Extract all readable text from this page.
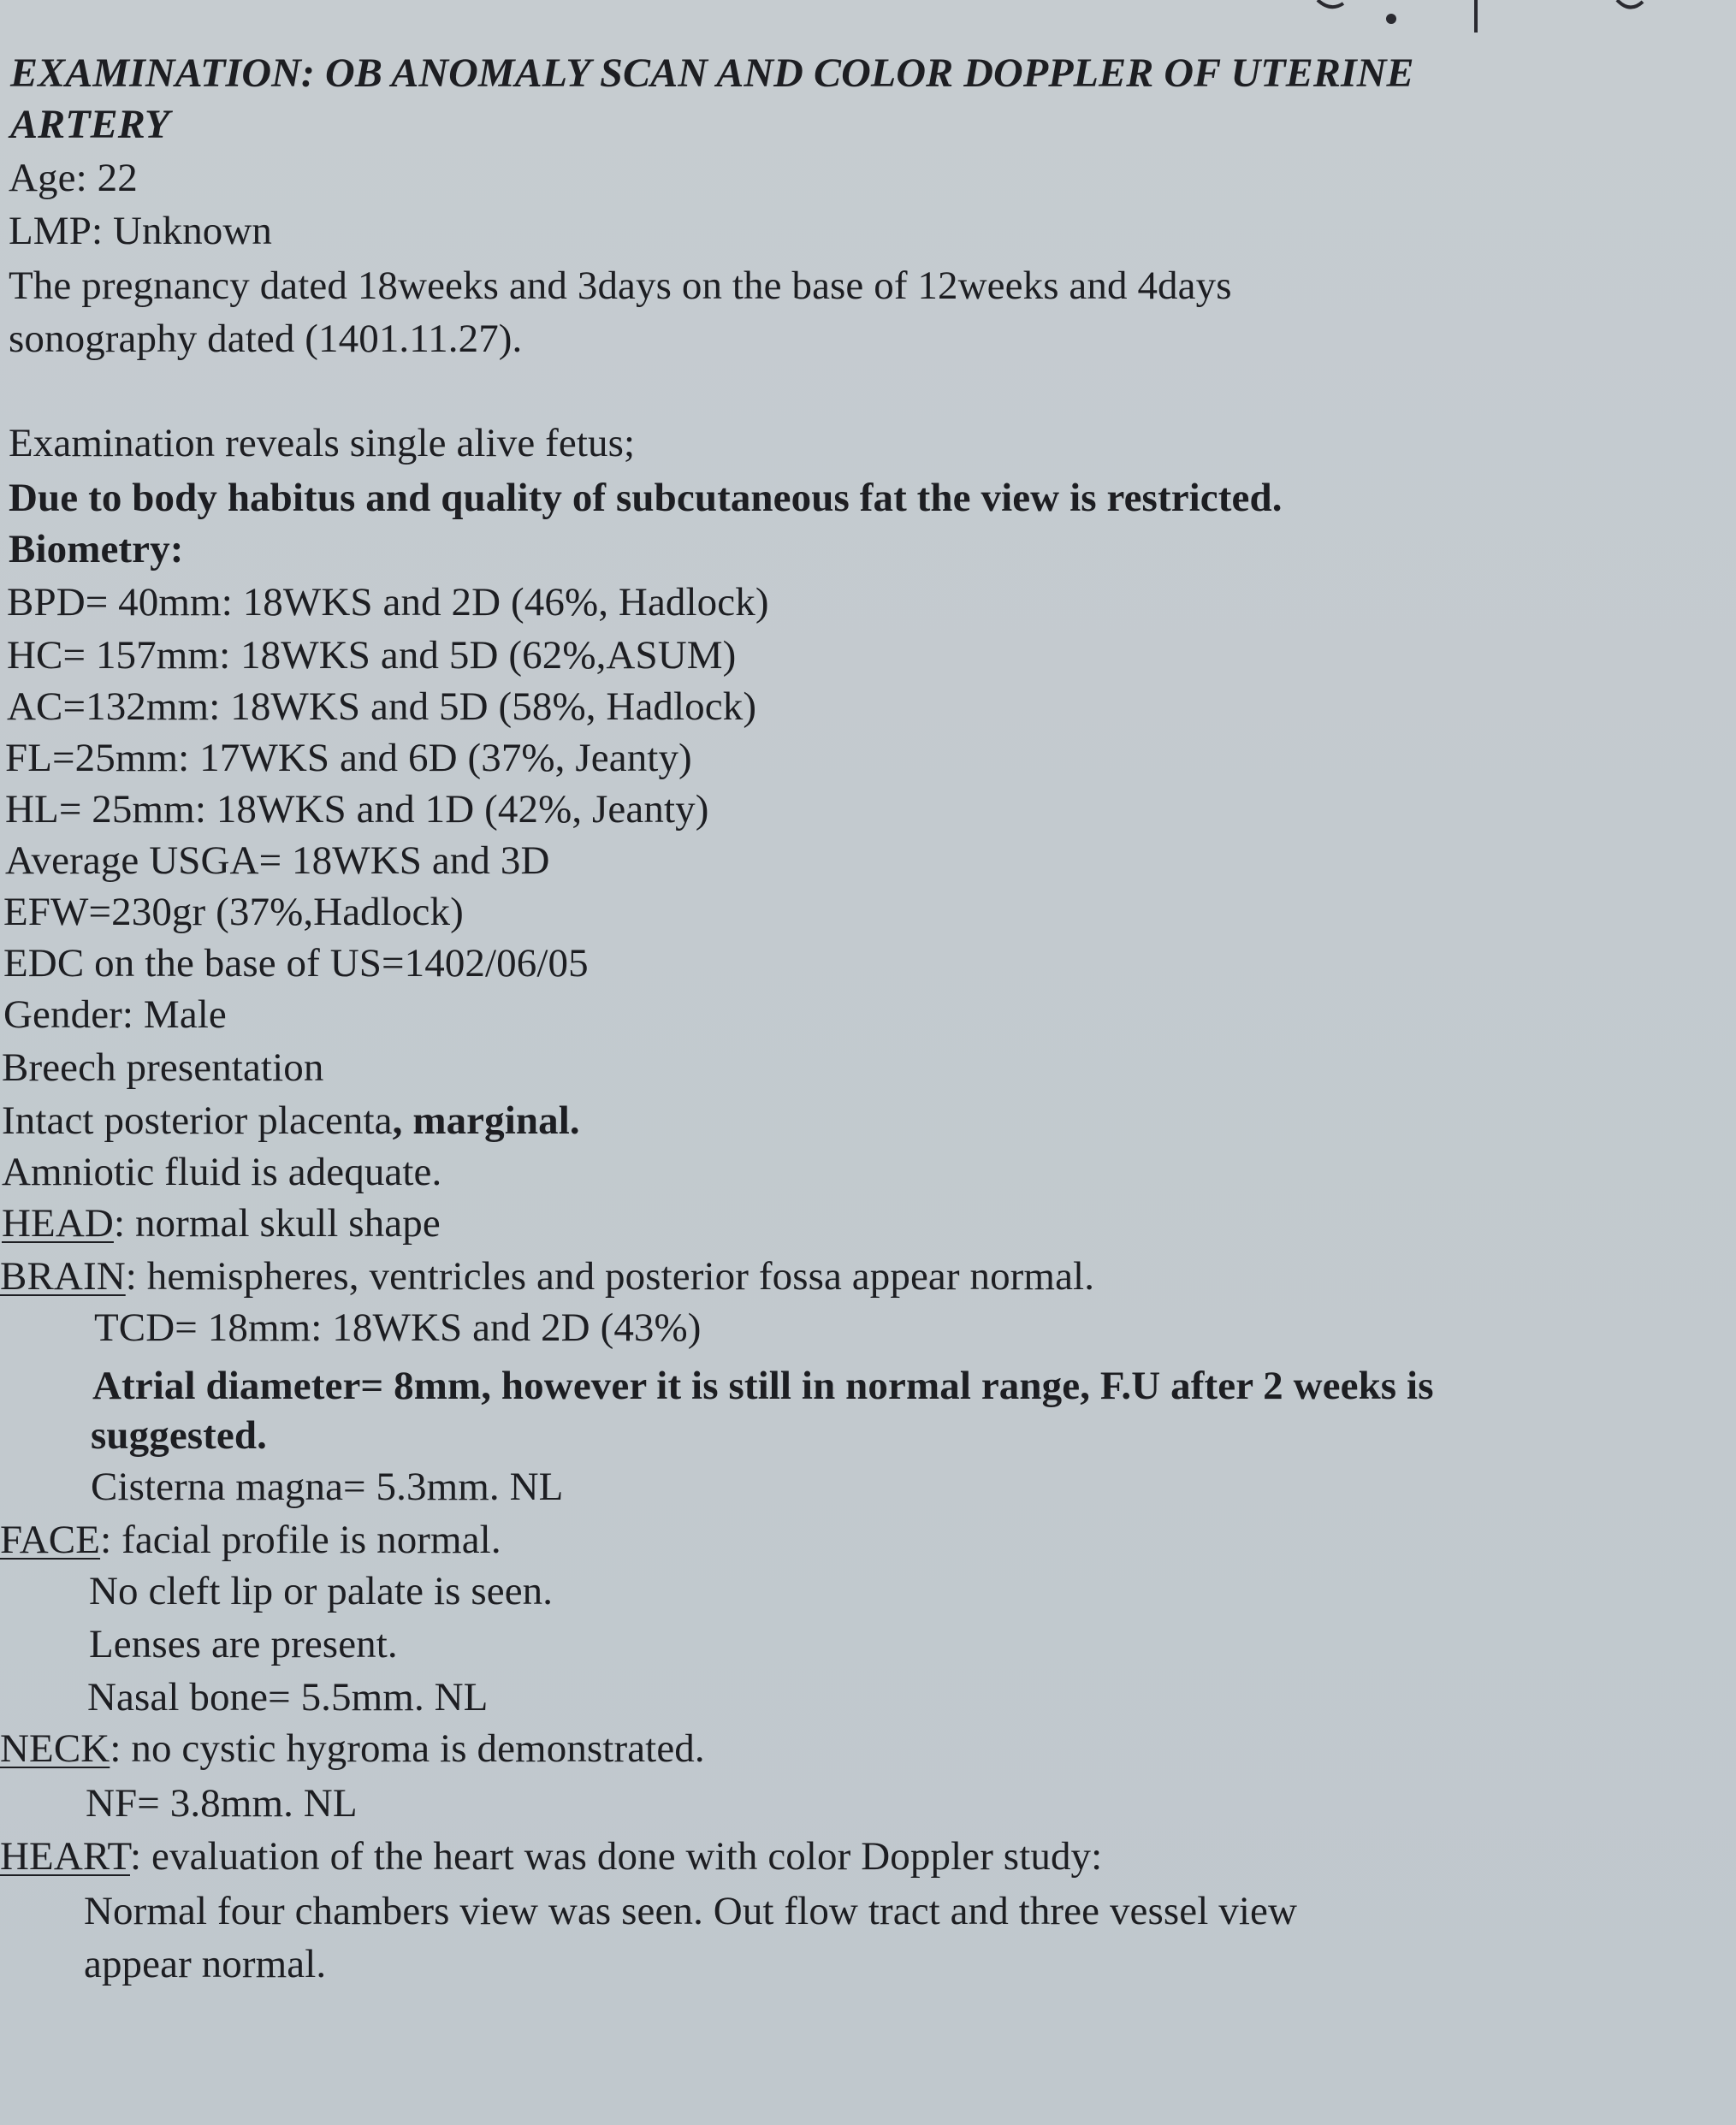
EXAMINATION: OB ANOMALY SCAN AND COLOR DOPPLER OF UTERINE
ARTERY
Age: 22
LMP: Unknown
The pregnancy dated 18weeks and 3days on the base of 12weeks and 4days
sonography dated (1401.11.27).
Examination reveals single alive fetus;
Due to body habitus and quality of subcutaneous fat the view is restricted.
Biometry:
BPD= 40mm: 18WKS and 2D (46%, Hadlock)
HC= 157mm: 18WKS and 5D (62%,ASUM)
AC=132mm: 18WKS and 5D (58%, Hadlock)
FL=25mm: 17WKS and 6D (37%, Jeanty)
HL= 25mm: 18WKS and 1D (42%, Jeanty)
Average USGA= 18WKS and 3D
EFW=230gr (37%,Hadlock)
EDC on the base of US=1402/06/05
Gender: Male
Breech presentation
Intact posterior placenta, marginal.
Amniotic fluid is adequate.
HEAD: normal skull shape
BRAIN: hemispheres, ventricles and posterior fossa appear normal.
TCD= 18mm: 18WKS and 2D (43%)
Atrial diameter= 8mm, however it is still in normal range, F.U after 2 weeks is
suggested.
Cisterna magna= 5.3mm. NL
FACE: facial profile is normal.
No cleft lip or palate is seen.
Lenses are present.
Nasal bone= 5.5mm. NL
NECK: no cystic hygroma is demonstrated.
NF= 3.8mm. NL
HEART: evaluation of the heart was done with color Doppler study:
Normal four chambers view was seen. Out flow tract and three vessel view
appear normal.
